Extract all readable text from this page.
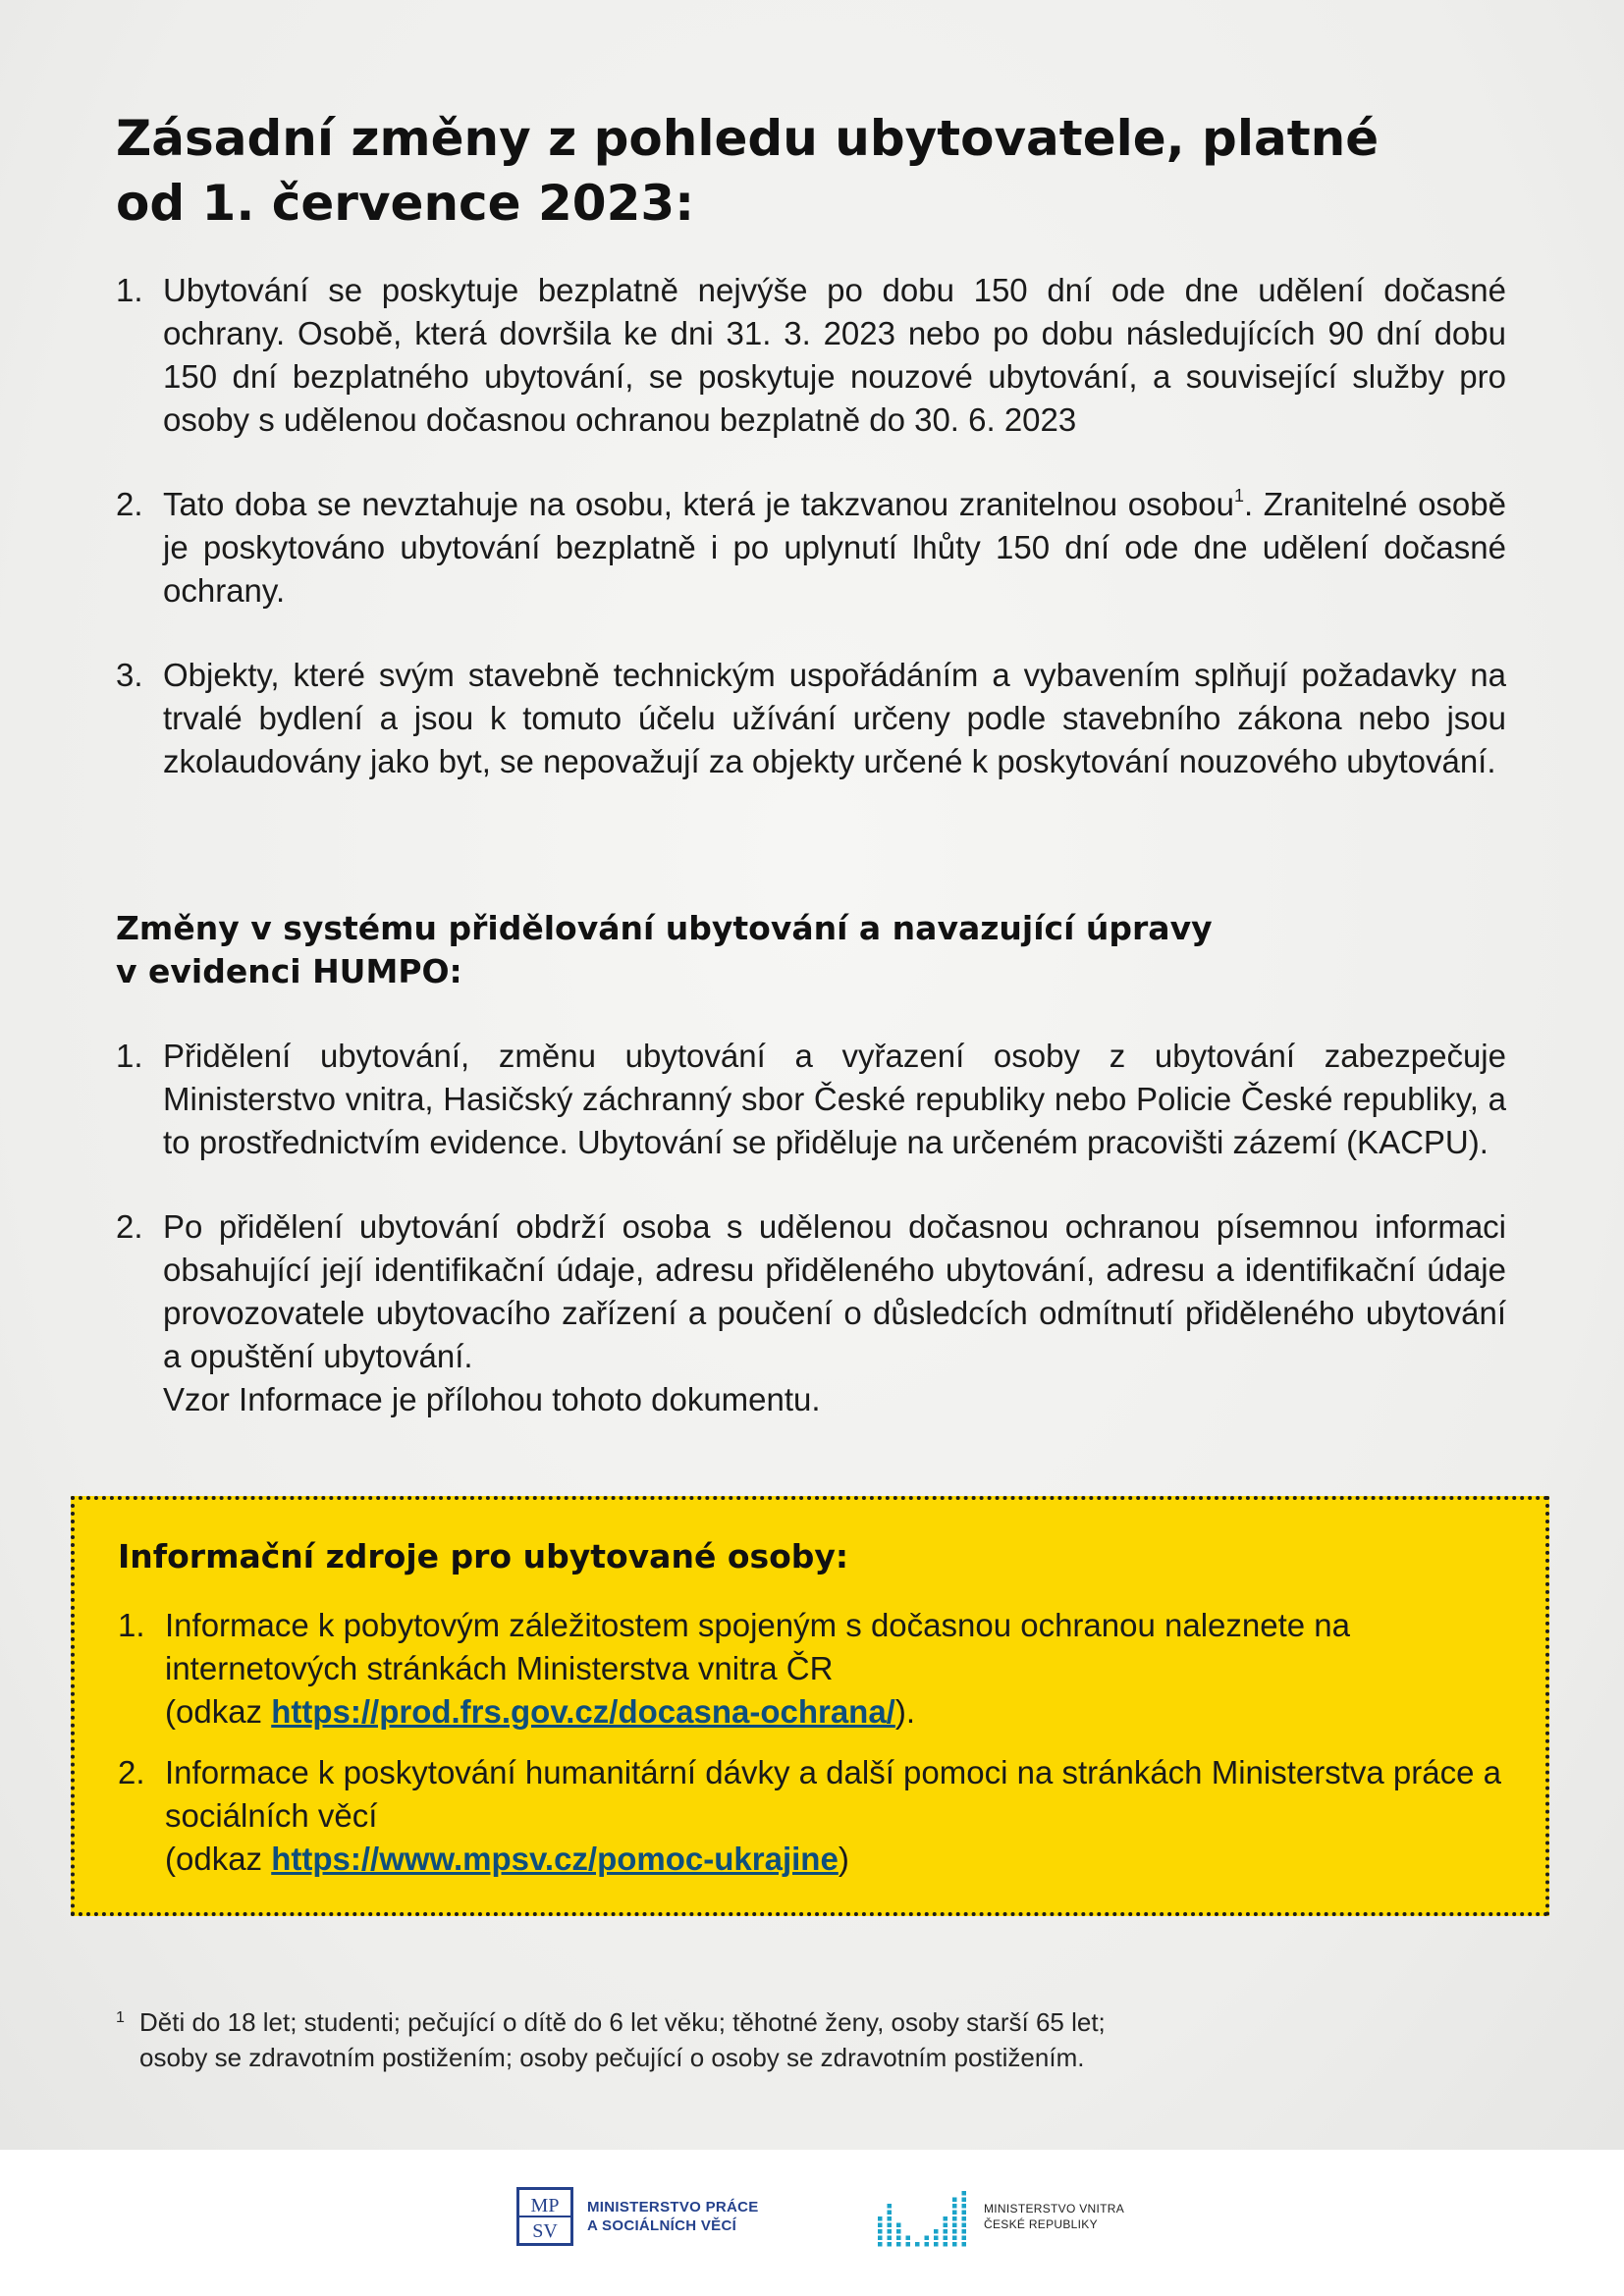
Zásadní změny z pohledu ubytovatele, platné
od 1. července 2023:
1. Ubytování se poskytuje bezplatně nejvýše po dobu 150 dní ode dne udělení dočasné ochrany. Osobě, která dovršila ke dni 31. 3. 2023 nebo po dobu následujících 90 dní dobu 150 dní bezplatného ubytování, se poskytuje nouzové ubytování, a související služby pro osoby s udělenou dočasnou ochranou bezplatně do 30. 6. 2023
2. Tato doba se nevztahuje na osobu, která je takzvanou zranitelnou osobou$^1$. Zranitelné osobě je poskytováno ubytování bezplatně i po uplynutí lhůty 150 dní ode dne udělení dočasné ochrany.
3. Objekty, které svým stavebně technickým uspořádáním a vybavením splňují požadavky na trvalé bydlení a jsou k tomuto účelu užívání určeny podle stavebního zákona nebo jsou zkolaudovány jako byt, se nepovažují za objekty určené k poskytování nouzového ubytování.
Změny v systému přidělování ubytování a navazující úpravy
v evidenci HUMPO:
1. Přidělení ubytování, změnu ubytování a vyřazení osoby z ubytování zabezpečuje Ministerstvo vnitra, Hasičský záchranný sbor České republiky nebo Policie České republiky, a to prostřednictvím evidence. Ubytování se přiděluje na určeném pracovišti zázemí (KACPU).
2. Po přidělení ubytování obdrží osoba s udělenou dočasnou ochranou písemnou informaci obsahující její identifikační údaje, adresu přiděleného ubytování, adresu a identifikační údaje provozovatele ubytovacího zařízení a poučení o důsledcích odmítnutí přiděleného ubytování a opuštění ubytování.
Vzor Informace je přílohou tohoto dokumentu.
Informační zdroje pro ubytované osoby:
1. Informace k pobytovým záležitostem spojeným s dočasnou ochranou naleznete na internetových stránkách Ministerstva vnitra ČR
(odkaz https://prod.frs.gov.cz/docasna-ochrana/).
2. Informace k poskytování humanitární dávky a další pomoci na stránkách Ministerstva práce a sociálních věcí
(odkaz https://www.mpsv.cz/pomoc-ukrajine)
1 Děti do 18 let; studenti; pečující o dítě do 6 let věku; těhotné ženy, osoby starší 65 let;
osoby se zdravotním postižením; osoby pečující o osoby se zdravotním postižením.
MP
SV
MINISTERSTVO PRÁCE
A SOCIÁLNÍCH VĚCÍ
MINISTERSTVO VNITRA
ČESKÉ REPUBLIKY
